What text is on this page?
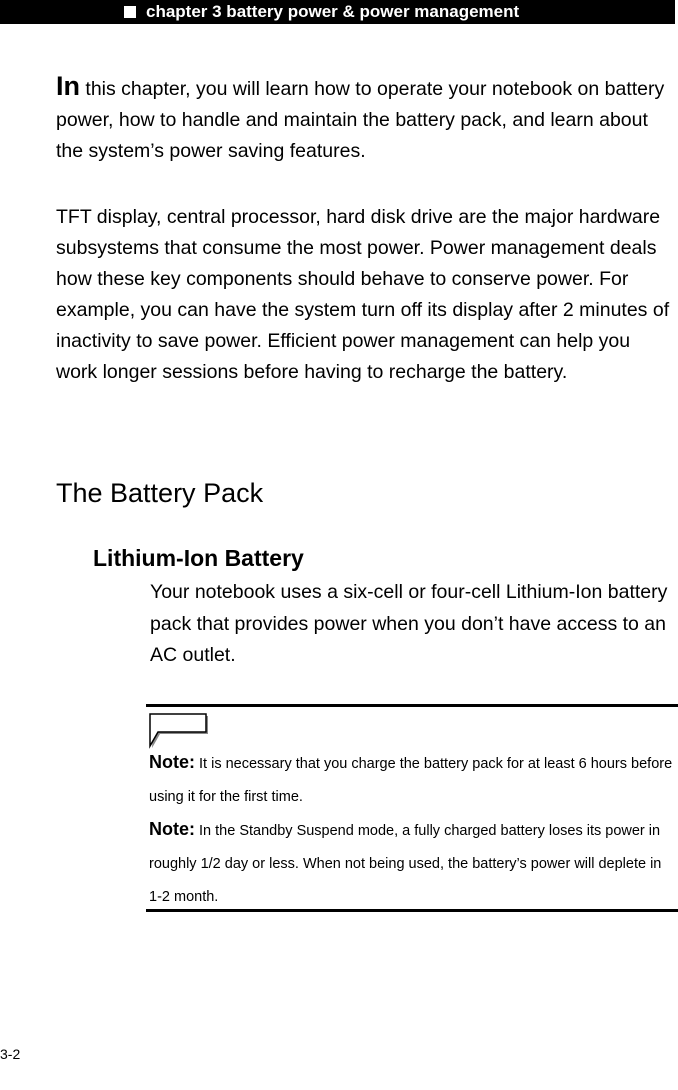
chapter 3 battery power & power management

In this chapter, you will learn how to operate your notebook on battery power, how to handle and maintain the battery pack, and learn about the system’s power saving features.

TFT display, central processor, hard disk drive are the major hardware subsystems that consume the most power. Power management deals how these key components should behave to conserve power. For example, you can have the system turn off its display after 2 minutes of inactivity to save power. Efficient power management can help you work longer sessions before having to recharge the battery.

The Battery Pack
Lithium-Ion Battery

Your notebook uses a six-cell or four-cell Lithium-Ion battery pack that provides power when you don’t have access to an AC outlet.

Note: It is necessary that you charge the battery pack for at least 6 hours before using it for the first time.

Note: In the Standby Suspend mode, a fully charged battery loses its power in roughly 1/2 day or less. When not being used, the battery’s power will deplete in 1-2 month.

3-2
